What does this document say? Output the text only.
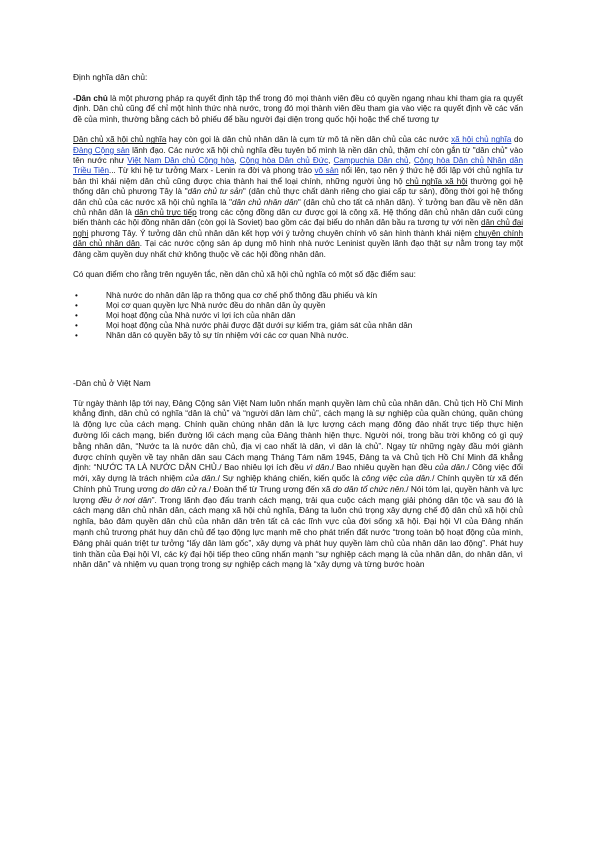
Định nghĩa dân chủ:

-Dân chủ là một phương pháp ra quyết định tập thể trong đó mọi thành viên đều có quyền ngang nhau khi tham gia ra quyết định. Dân chủ cũng để chỉ một hình thức nhà nước, trong đó mọi thành viên đều tham gia vào việc ra quyết định về các vấn đề của mình, thường bằng cách bỏ phiếu để bầu người đại diện trong quốc hội hoặc thể chế tương tự

Dân chủ xã hội chủ nghĩa hay còn gọi là dân chủ nhân dân là cụm từ mô tả nền dân chủ của các nước xã hội chủ nghĩa do Đảng Cộng sản lãnh đạo. Các nước xã hội chủ nghĩa đều tuyên bố mình là nền dân chủ, thậm chí còn gắn từ "dân chủ" vào tên nước như Việt Nam Dân chủ Cộng hòa, Cộng hòa Dân chủ Đức, Campuchia Dân chủ, Cộng hòa Dân chủ Nhân dân Triều Tiên... Từ khi hệ tư tưởng Marx - Lenin ra đời và phong trào vô sản nổi lên, tạo nên ý thức hệ đối lập với chủ nghĩa tư bản thì khái niệm dân chủ cũng được chia thành hai thể loại chính, những người ủng hộ chủ nghĩa xã hội thường gọi hệ thống dân chủ phương Tây là "dân chủ tư sản" (dân chủ thực chất dành riêng cho giai cấp tư sản), đồng thời gọi hệ thống dân chủ của các nước xã hội chủ nghĩa là "dân chủ nhân dân" (dân chủ cho tất cả nhân dân). Ý tưởng ban đầu về nền dân chủ nhân dân là dân chủ trực tiếp trong các cộng đồng dân cư được gọi là công xã. Hệ thống dân chủ nhân dân cuối cùng biến thành các hội đồng nhân dân (còn gọi là Soviet) bao gồm các đại biểu do nhân dân bầu ra tương tự với nền dân chủ đại nghị phương Tây. Ý tưởng dân chủ nhân dân kết hợp với ý tưởng chuyên chính vô sản hình thành khái niệm chuyên chính dân chủ nhân dân. Tại các nước cộng sản áp dụng mô hình nhà nước Leninist quyền lãnh đạo thật sự nằm trong tay một đảng cầm quyền duy nhất chứ không thuộc về các hội đồng nhân dân.

Có quan điểm cho rằng trên nguyên tắc, nền dân chủ xã hội chủ nghĩa có một số đặc điểm sau:

• Nhà nước do nhân dân lập ra thông qua cơ chế phổ thông đầu phiếu và kín
• Mọi cơ quan quyền lực Nhà nước đều do nhân dân ủy quyền
• Mọi hoạt động của Nhà nước vì lợi ích của nhân dân
• Mọi hoạt động của Nhà nước phải được đặt dưới sự kiểm tra, giám sát của nhân dân
• Nhân dân có quyền bãy tỏ sự tín nhiệm với các cơ quan Nhà nước.

-Dân chủ ở Việt Nam

Từ ngày thành lập tới nay, Đảng Cộng sản Việt Nam luôn nhấn mạnh quyền làm chủ của nhân dân. Chủ tịch Hồ Chí Minh khẳng định, dân chủ có nghĩa “dân là chủ” và “người dân làm chủ”, cách mạng là sự nghiệp của quần chúng, quần chúng là động lực của cách mạng. Chính quần chúng nhân dân là lực lượng cách mạng đông đảo nhất trực tiếp thực hiện đường lối cách mạng, biến đường lối cách mạng của Đảng thành hiện thực. Người nói, trong bầu trời không có gì quý bằng nhân dân, “Nước ta là nước dân chủ, địa vị cao nhất là dân, vì dân là chủ”. Ngay từ những ngày đầu mới giành được chính quyền về tay nhân dân sau Cách mạng Tháng Tám năm 1945, Đảng ta và Chủ tịch Hồ Chí Minh đã khẳng định: “NƯỚC TA LÀ NƯỚC DÂN CHỦ./ Bao nhiêu lợi ích đều vì dân./ Bao nhiêu quyền hạn đều của dân./ Công việc đổi mới, xây dựng là trách nhiệm của dân./ Sự nghiệp kháng chiến, kiến quốc là công việc của dân./ Chính quyền từ xã đến Chính phủ Trung ương do dân cử ra./ Đoàn thể từ Trung ương đến xã do dân tổ chức nên./ Nói tóm lại, quyền hành và lực lượng đều ở nơi dân”. Trong lãnh đạo đấu tranh cách mạng, trải qua cuộc cách mạng giải phóng dân tộc và sau đó là cách mạng dân chủ nhân dân, cách mạng xã hội chủ nghĩa, Đảng ta luôn chú trọng xây dựng chế độ dân chủ xã hội chủ nghĩa, bảo đảm quyền dân chủ của nhân dân trên tất cả các lĩnh vực của đời sống xã hội. Đại hội VI của Đảng nhấn mạnh chủ trương phát huy dân chủ để tạo động lực mạnh mẽ cho phát triển đất nước “trong toàn bộ hoạt động của mình, Đảng phải quán triệt tư tưởng “lấy dân làm gốc”, xây dựng và phát huy quyền làm chủ của nhân dân lao động”. Phát huy tinh thần của Đại hội VI, các kỳ đại hội tiếp theo cũng nhấn mạnh “sự nghiệp cách mạng là của nhân dân, do nhân dân, vì nhân dân” và nhiệm vụ quan trọng trong sự nghiệp cách mạng là “xây dựng và từng bước hoàn
